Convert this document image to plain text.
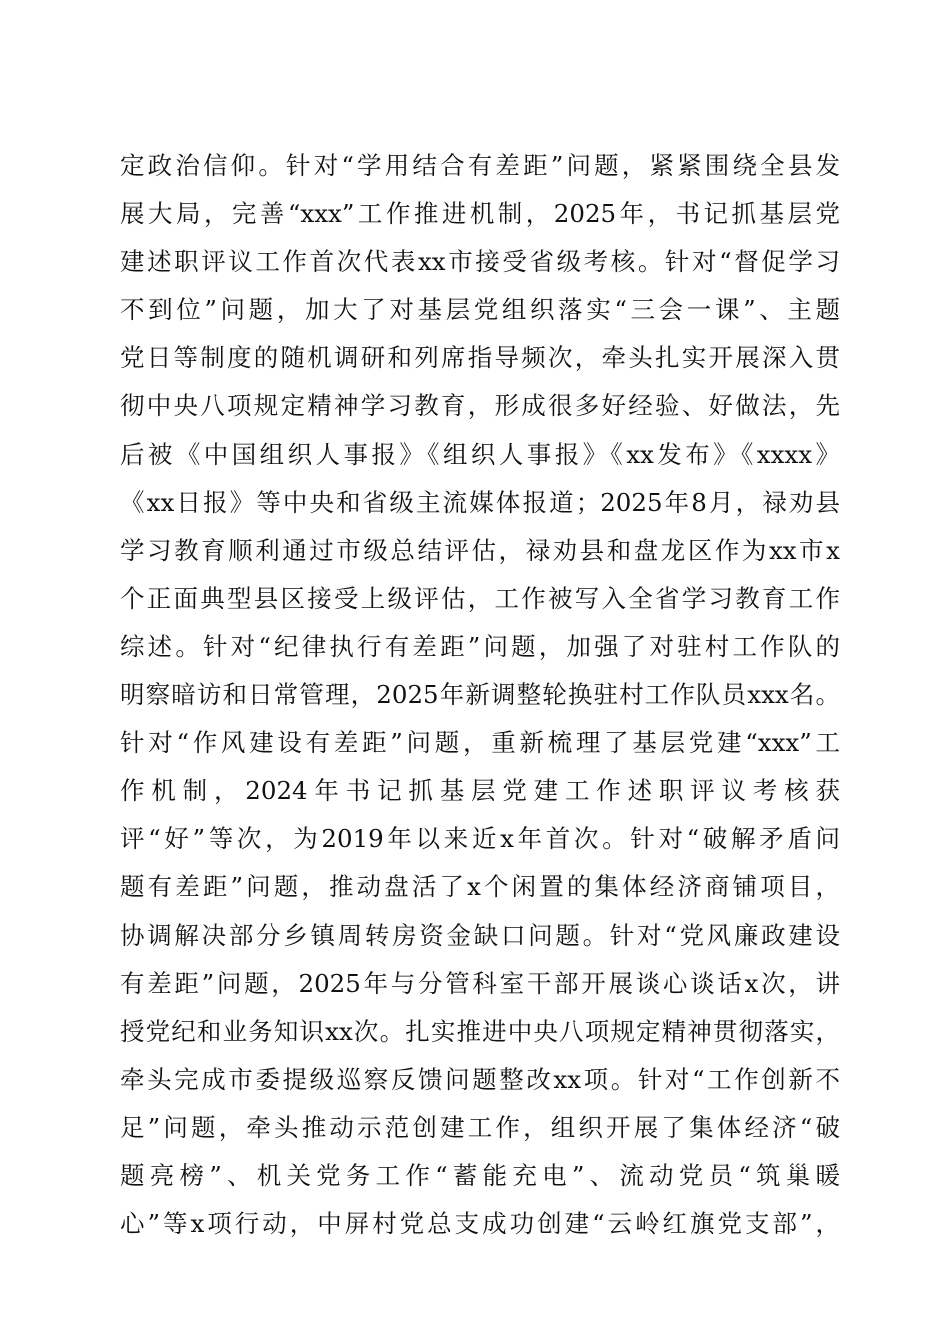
定政治信仰。针对“学用结合有差距”问题，紧紧围绕全县发
展大局，完善“xxx”工作推进机制，2025年，书记抓基层党
建述职评议工作首次代表xx市接受省级考核。针对“督促学习
不到位”问题，加大了对基层党组织落实“三会一课”、主题
党日等制度的随机调研和列席指导频次，牵头扎实开展深入贯
彻中央八项规定精神学习教育，形成很多好经验、好做法，先
后被《中国组织人事报》《组织人事报》《xx发布》《xxxx》
《xx日报》等中央和省级主流媒体报道；2025年8月，禄劝县
学习教育顺利通过市级总结评估，禄劝县和盘龙区作为xx市x
个正面典型县区接受上级评估，工作被写入全省学习教育工作
综述。针对“纪律执行有差距”问题，加强了对驻村工作队的
明察暗访和日常管理，2025年新调整轮换驻村工作队员xxx名。
针对“作风建设有差距”问题，重新梳理了基层党建“xxx”工
作机制，2024年书记抓基层党建工作述职评议考核获
评“好”等次，为2019年以来近x年首次。针对“破解矛盾问
题有差距”问题，推动盘活了x个闲置的集体经济商铺项目，
协调解决部分乡镇周转房资金缺口问题。针对“党风廉政建设
有差距”问题，2025年与分管科室干部开展谈心谈话x次，讲
授党纪和业务知识xx次。扎实推进中央八项规定精神贯彻落实，
牵头完成市委提级巡察反馈问题整改xx项。针对“工作创新不
足”问题，牵头推动示范创建工作，组织开展了集体经济“破
题亮榜”、机关党务工作“蓄能充电”、流动党员“筑巢暖
心”等x项行动，中屏村党总支成功创建“云岭红旗党支部”，
